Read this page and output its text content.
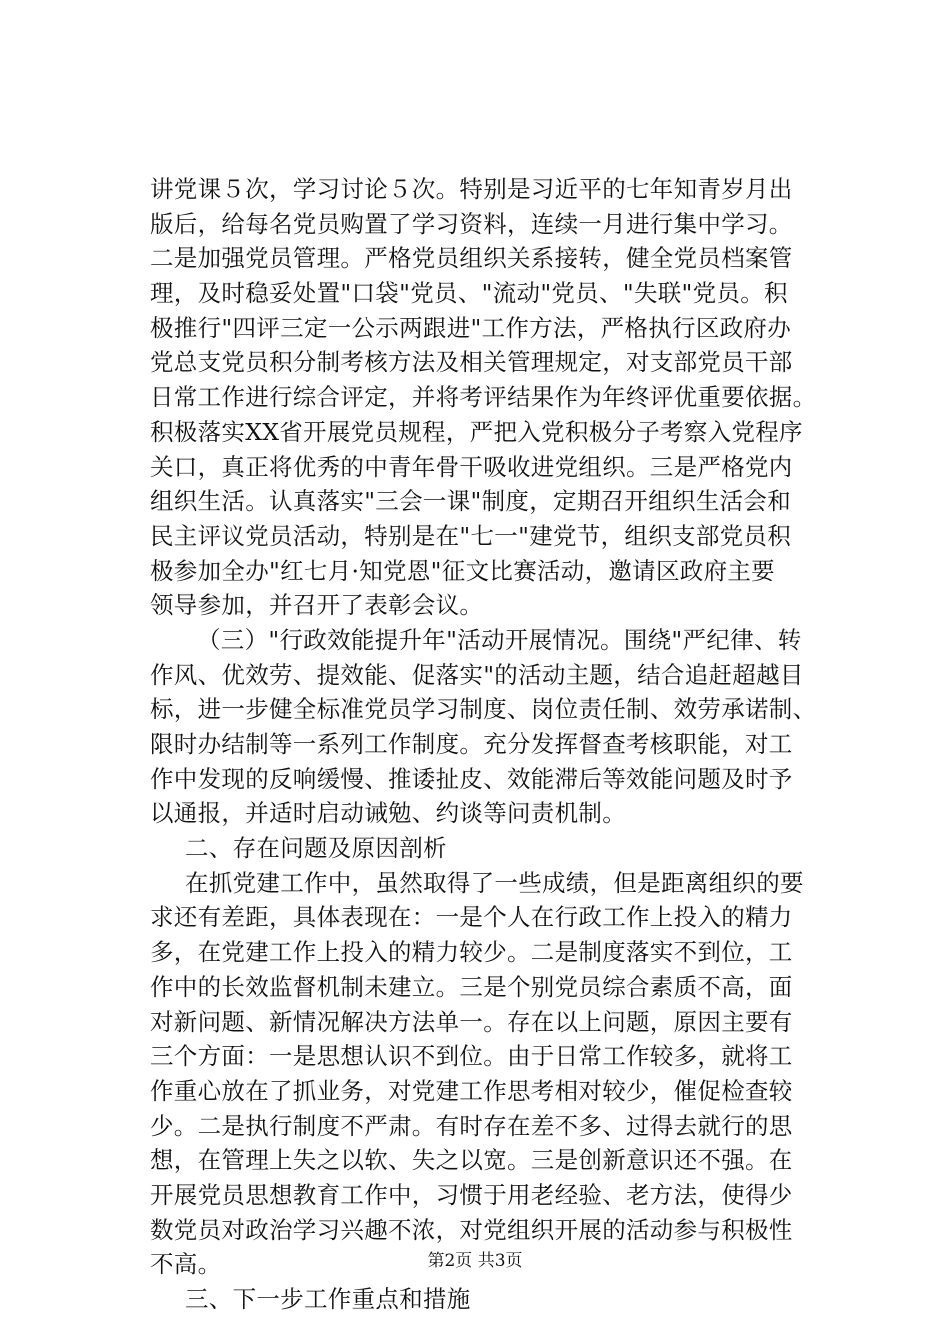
讲党课５次，学习讨论５次。特别是习近平的七年知青岁月出
版后，给每名党员购置了学习资料，连续一月进行集中学习。
二是加强党员管理。严格党员组织关系接转，健全党员档案管
理，及时稳妥处置"口袋"党员、"流动"党员、"失联"党员。积
极推行"四评三定一公示两跟进"工作方法，严格执行区政府办
党总支党员积分制考核方法及相关管理规定，对支部党员干部
日常工作进行综合评定，并将考评结果作为年终评优重要依据。
积极落实XX省开展党员规程，严把入党积极分子考察入党程序
关口，真正将优秀的中青年骨干吸收进党组织。三是严格党内
组织生活。认真落实"三会一课"制度，定期召开组织生活会和
民主评议党员活动，特别是在"七一"建党节，组织支部党员积
极参加全办"红七月·知党恩"征文比赛活动，邀请区政府主要
领导参加，并召开了表彰会议。
（三）"行政效能提升年"活动开展情况。围绕"严纪律、转
作风、优效劳、提效能、促落实"的活动主题，结合追赶超越目
标，进一步健全标准党员学习制度、岗位责任制、效劳承诺制、
限时办结制等一系列工作制度。充分发挥督查考核职能，对工
作中发现的反响缓慢、推诿扯皮、效能滞后等效能问题及时予
以通报，并适时启动诫勉、约谈等问责机制。
二、存在问题及原因剖析
在抓党建工作中，虽然取得了一些成绩，但是距离组织的要
求还有差距，具体表现在：一是个人在行政工作上投入的精力
多，在党建工作上投入的精力较少。二是制度落实不到位，工
作中的长效监督机制未建立。三是个别党员综合素质不高，面
对新问题、新情况解决方法单一。存在以上问题，原因主要有
三个方面：一是思想认识不到位。由于日常工作较多，就将工
作重心放在了抓业务，对党建工作思考相对较少，催促检查较
少。二是执行制度不严肃。有时存在差不多、过得去就行的思
想，在管理上失之以软、失之以宽。三是创新意识还不强。在
开展党员思想教育工作中，习惯于用老经验、老方法，使得少
数党员对政治学习兴趣不浓，对党组织开展的活动参与积极性
不高。
三、下一步工作重点和措施
第2页 共3页
